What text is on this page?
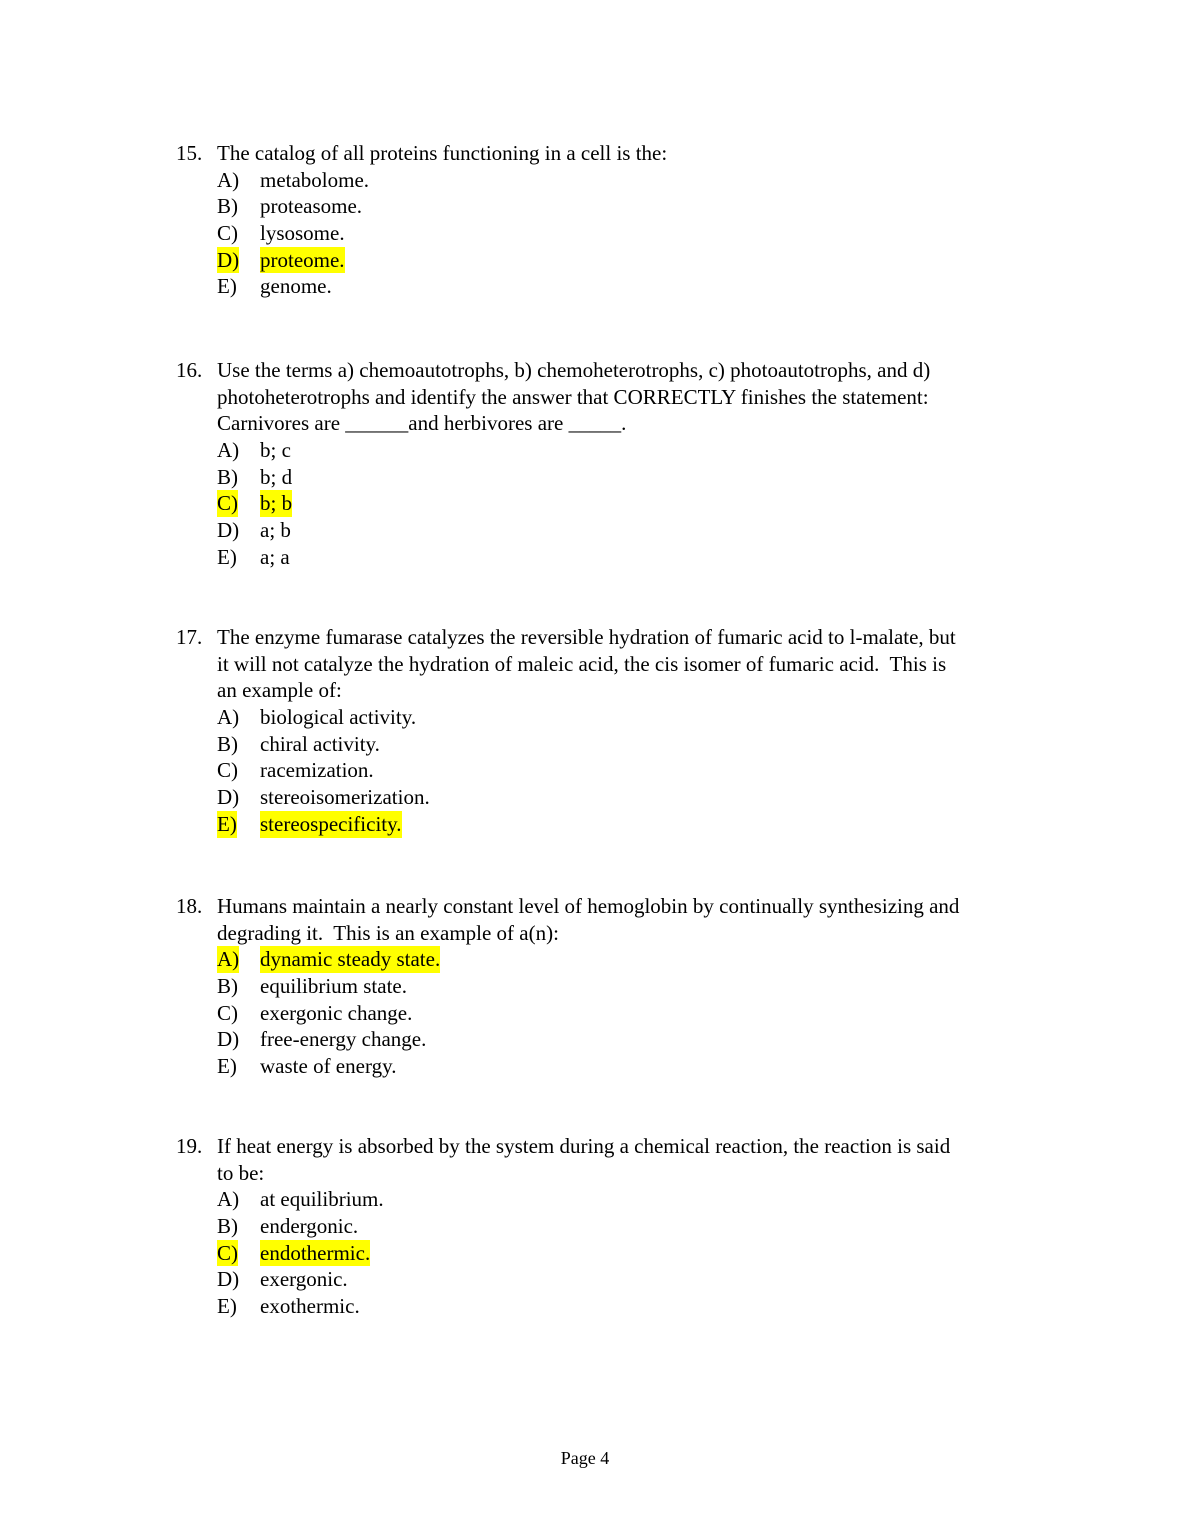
15. The catalog of all proteins functioning in a cell is the:
A) metabolome.
B) proteasome.
C) lysosome.
D) proteome.
E) genome.
16. Use the terms a) chemoautotrophs, b) chemoheterotrophs, c) photoautotrophs, and d)
photoheterotrophs and identify the answer that CORRECTLY finishes the statement:
Carnivores are ______and herbivores are _____.
A) b; c
B) b; d
C) b; b
D) a; b
E) a; a
17. The enzyme fumarase catalyzes the reversible hydration of fumaric acid to l-malate, but
it will not catalyze the hydration of maleic acid, the cis isomer of fumaric acid.  This is
an example of:
A) biological activity.
B) chiral activity.
C) racemization.
D) stereoisomerization.
E) stereospecificity.
18. Humans maintain a nearly constant level of hemoglobin by continually synthesizing and
degrading it.  This is an example of a(n):
A) dynamic steady state.
B) equilibrium state.
C) exergonic change.
D) free-energy change.
E) waste of energy.
19. If heat energy is absorbed by the system during a chemical reaction, the reaction is said
to be:
A) at equilibrium.
B) endergonic.
C) endothermic.
D) exergonic.
E) exothermic.
Page 4
